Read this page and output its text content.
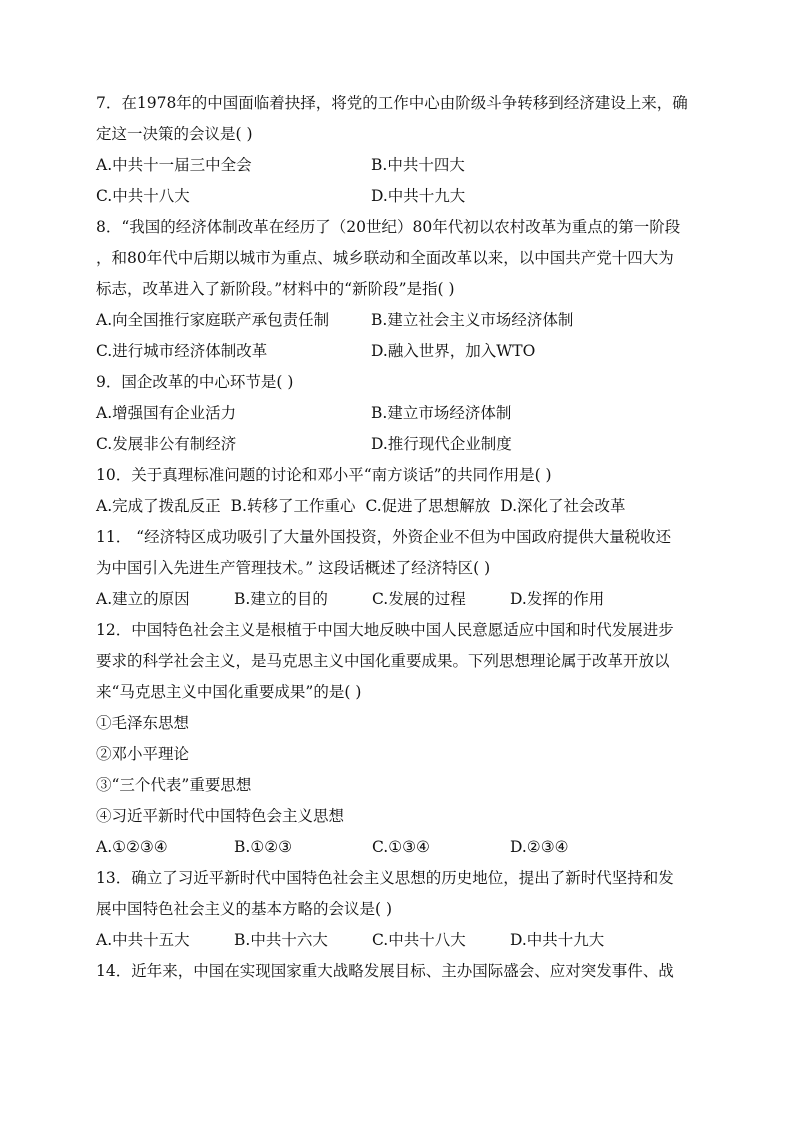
7．在1978年的中国面临着抉择，将党的工作中心由阶级斗争转移到经济建设上来，确
定这一决策的会议是( )
A.中共十一届三中全会	B.中共十四大
C.中共十八大	D.中共十九大
8．“我国的经济体制改革在经历了（20世纪）80年代初以农村改革为重点的第一阶段
，和80年代中后期以城市为重点、城乡联动和全面改革以来，以中国共产党十四大为
标志，改革进入了新阶段。”材料中的“新阶段”是指( )
A.向全国推行家庭联产承包责任制	B.建立社会主义市场经济体制
C.进行城市经济体制改革	D.融入世界，加入WTO
9．国企改革的中心环节是( )
A.增强国有企业活力	B.建立市场经济体制
C.发展非公有制经济	D.推行现代企业制度
10．关于真理标准问题的讨论和邓小平“南方谈话”的共同作用是( )
A.完成了拨乱反正 B.转移了工作重心 C.促进了思想解放 D.深化了社会改革
11． “经济特区成功吸引了大量外国投资，外资企业不但为中国政府提供大量税收还
为中国引入先进生产管理技术。” 这段话概述了经济特区( )
A.建立的原因	B.建立的目的	C.发展的过程	D.发挥的作用
12．中国特色社会主义是根植于中国大地反映中国人民意愿适应中国和时代发展进步
要求的科学社会主义，是马克思主义中国化重要成果。下列思想理论属于改革开放以
来“马克思主义中国化重要成果”的是( )
①毛泽东思想
②邓小平理论
③“三个代表”重要思想
④习近平新时代中国特色会主义思想
A.①②③④	B.①②③	C.①③④	D.②③④
13．确立了习近平新时代中国特色社会主义思想的历史地位，提出了新时代坚持和发
展中国特色社会主义的基本方略的会议是( )
A.中共十五大	B.中共十六大	C.中共十八大	D.中共十九大
14．近年来，中国在实现国家重大战略发展目标、主办国际盛会、应对突发事件、战
